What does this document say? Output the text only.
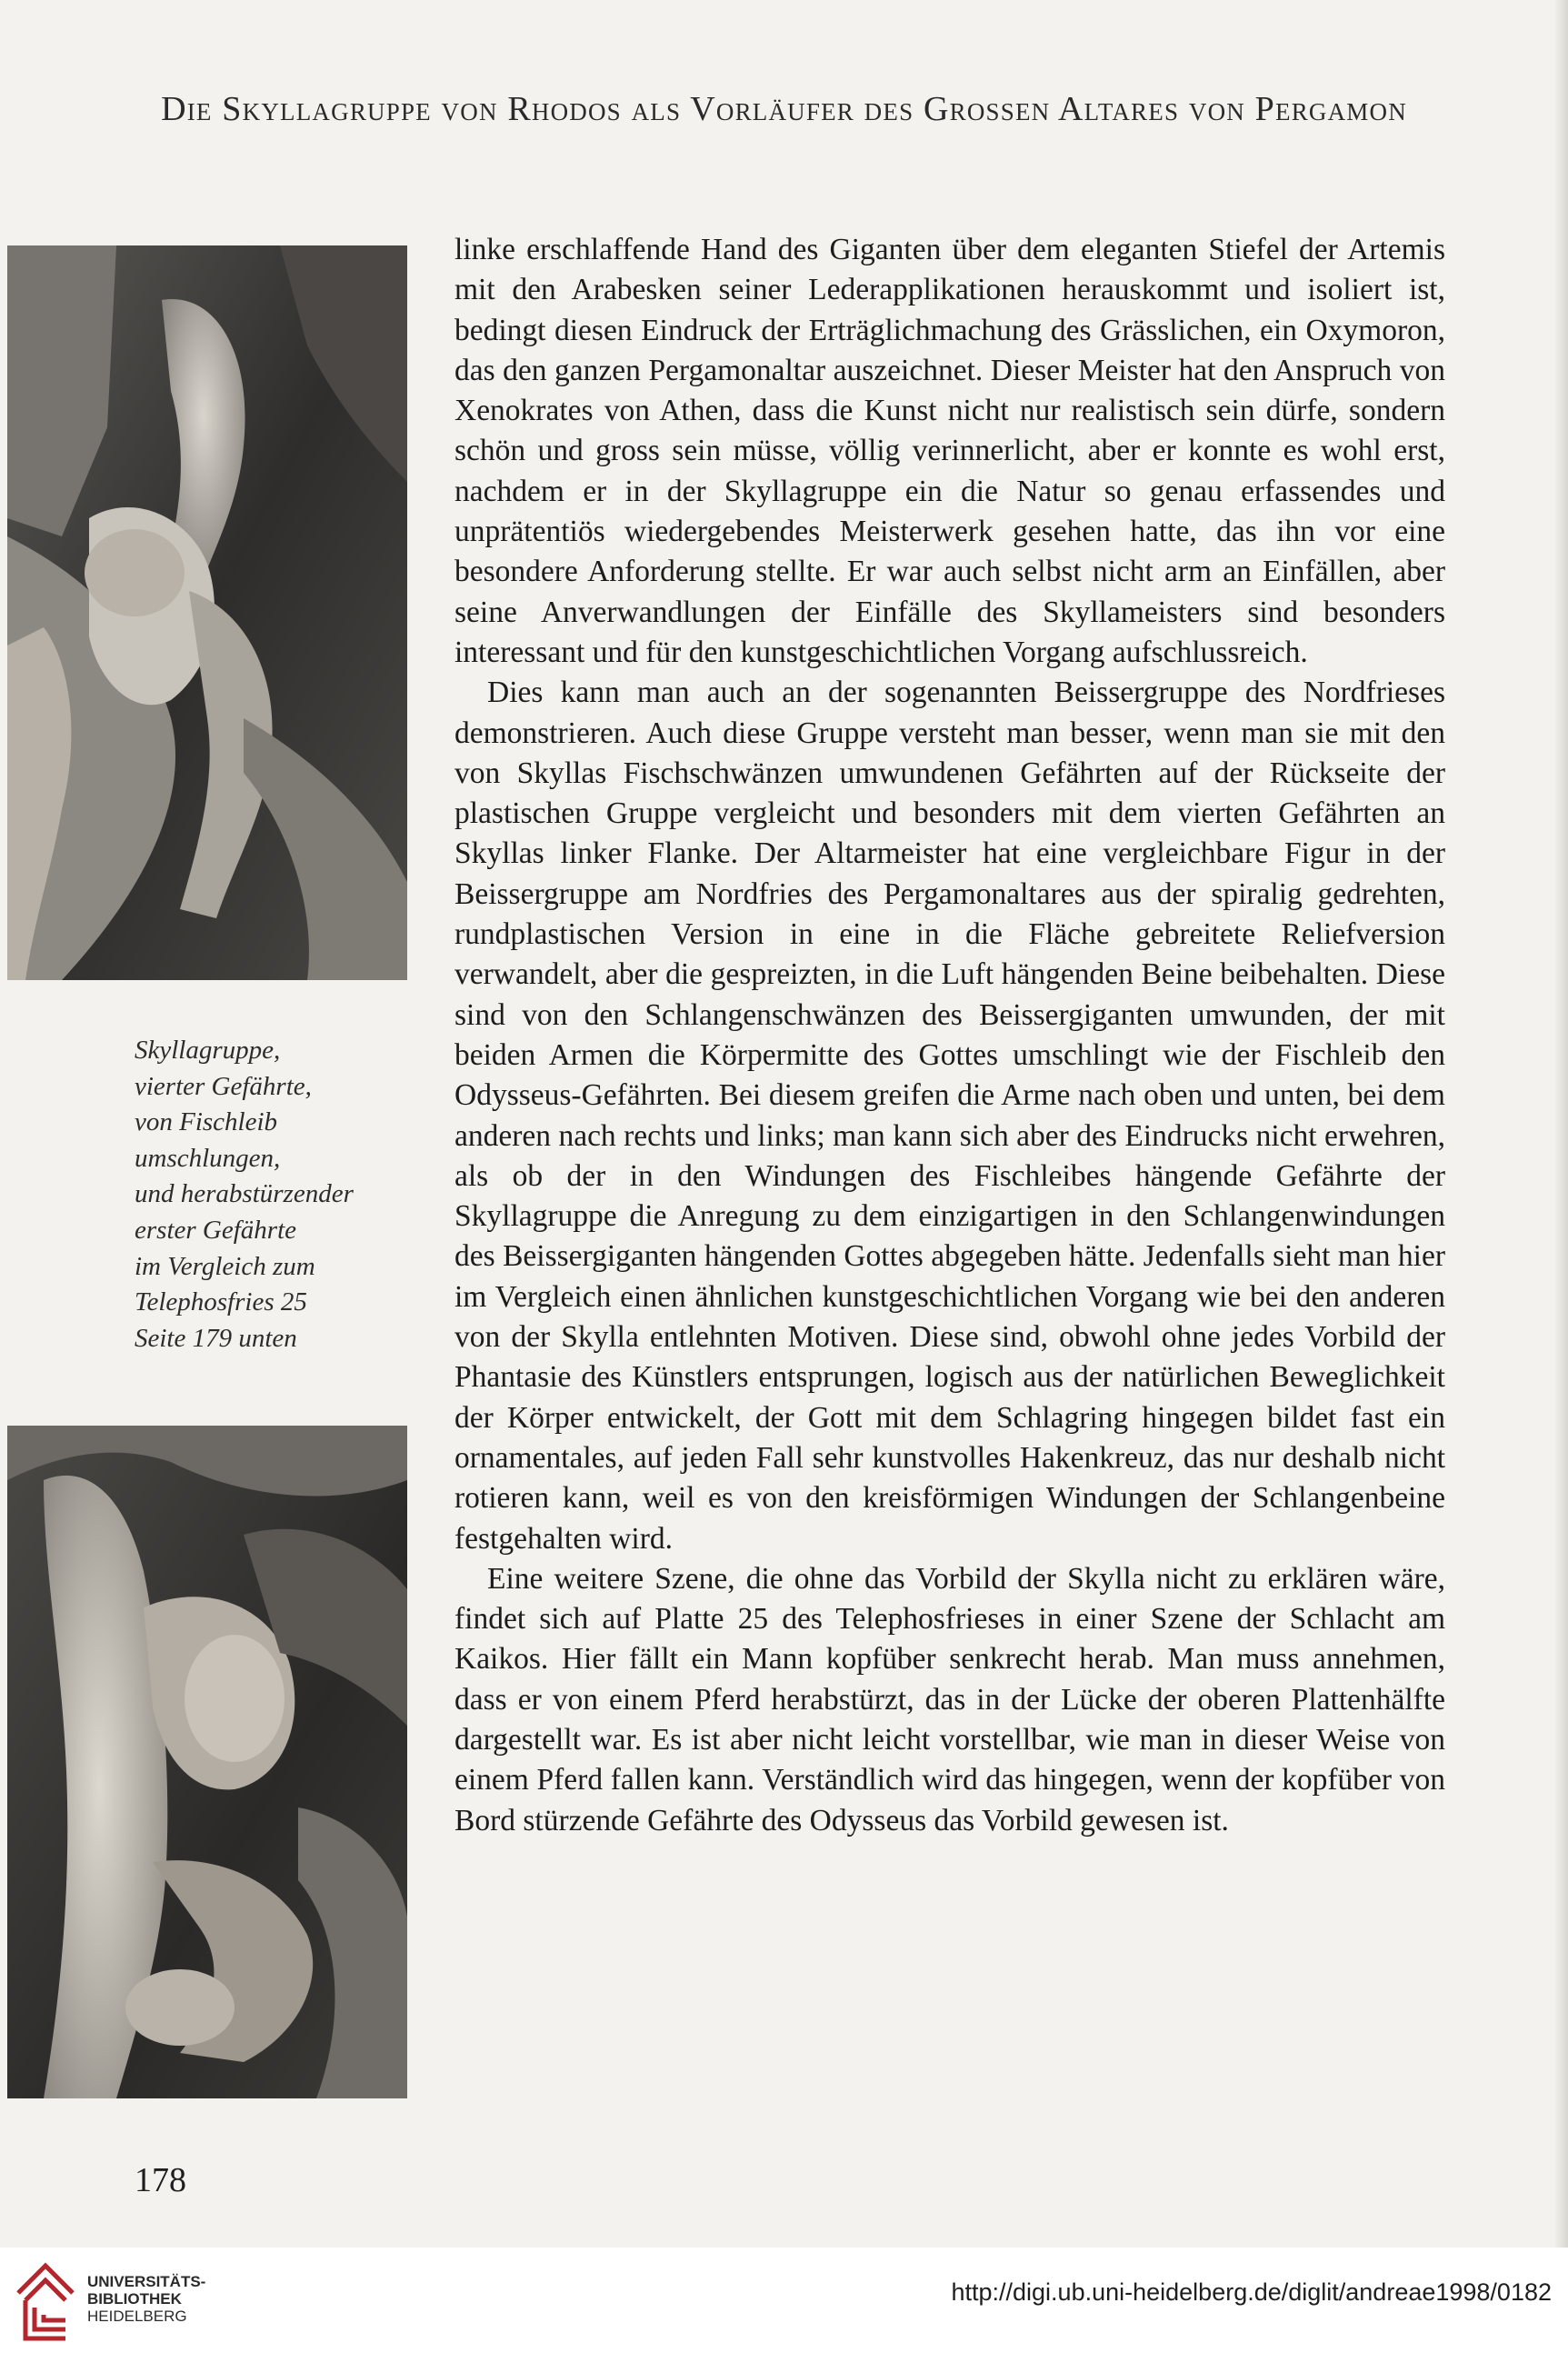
Die Skyllagruppe von Rhodos als Vorläufer des Grossen Altares von Pergamon
Skyllagruppe,
vierter Gefährte,
von Fischleib
umschlungen,
und herabstürzender
erster Gefährte
im Vergleich zum
Telephosfries 25
Seite 179 unten

linke erschlaffende Hand des Giganten über dem eleganten Stiefel der Artemis mit den Arabesken seiner Lederapplikationen herauskommt und isoliert ist, bedingt diesen Eindruck der Erträglichmachung des Grässlichen, ein Oxymoron, das den ganzen Pergamonaltar auszeichnet. Dieser Meister hat den Anspruch von Xenokrates von Athen, dass die Kunst nicht nur realistisch sein dürfe, sondern schön und gross sein müsse, völlig verinnerlicht, aber er konnte es wohl erst, nachdem er in der Skyllagruppe ein die Natur so genau erfassendes und unprätentiös wiedergebendes Meisterwerk gesehen hatte, das ihn vor eine besondere Anforderung stellte. Er war auch selbst nicht arm an Einfällen, aber seine Anverwandlungen der Einfälle des Skyllameisters sind besonders interessant und für den kunstgeschichtlichen Vorgang aufschlussreich.

Dies kann man auch an der sogenannten Beissergruppe des Nordfrieses demonstrieren. Auch diese Gruppe versteht man besser, wenn man sie mit den von Skyllas Fischschwänzen umwundenen Gefährten auf der Rückseite der plastischen Gruppe vergleicht und besonders mit dem vierten Gefährten an Skyllas linker Flanke. Der Altarmeister hat eine vergleichbare Figur in der Beissergruppe am Nordfries des Pergamonaltares aus der spiralig gedrehten, rundplastischen Version in eine in die Fläche gebreitete Reliefversion verwandelt, aber die gespreizten, in die Luft hängenden Beine beibehalten. Diese sind von den Schlangenschwänzen des Beissergiganten umwunden, der mit beiden Armen die Körpermitte des Gottes umschlingt wie der Fischleib den Odysseus-Gefährten. Bei diesem greifen die Arme nach oben und unten, bei dem anderen nach rechts und links; man kann sich aber des Eindrucks nicht erwehren, als ob der in den Windungen des Fischleibes hängende Gefährte der Skyllagruppe die Anregung zu dem einzigartigen in den Schlangenwindungen des Beissergiganten hängenden Gottes abgegeben hätte. Jedenfalls sieht man hier im Vergleich einen ähnlichen kunstgeschichtlichen Vorgang wie bei den anderen von der Skylla entlehnten Motiven. Diese sind, obwohl ohne jedes Vorbild der Phantasie des Künstlers entsprungen, logisch aus der natürlichen Beweglichkeit der Körper entwickelt, der Gott mit dem Schlagring hingegen bildet fast ein ornamentales, auf jeden Fall sehr kunstvolles Hakenkreuz, das nur deshalb nicht rotieren kann, weil es von den kreisförmigen Windungen der Schlangenbeine festgehalten wird.

Eine weitere Szene, die ohne das Vorbild der Skylla nicht zu erklären wäre, findet sich auf Platte 25 des Telephosfrieses in einer Szene der Schlacht am Kaikos. Hier fällt ein Mann kopfüber senkrecht herab. Man muss annehmen, dass er von einem Pferd herabstürzt, das in der Lücke der oberen Plattenhälfte dargestellt war. Es ist aber nicht leicht vorstellbar, wie man in dieser Weise von einem Pferd fallen kann. Verständlich wird das hingegen, wenn der kopfüber von Bord stürzende Gefährte des Odysseus das Vorbild gewesen ist.

178
UNIVERSITÄTS-
BIBLIOTHEK
HEIDELBERG
http://digi.ub.uni-heidelberg.de/diglit/andreae1998/0182
